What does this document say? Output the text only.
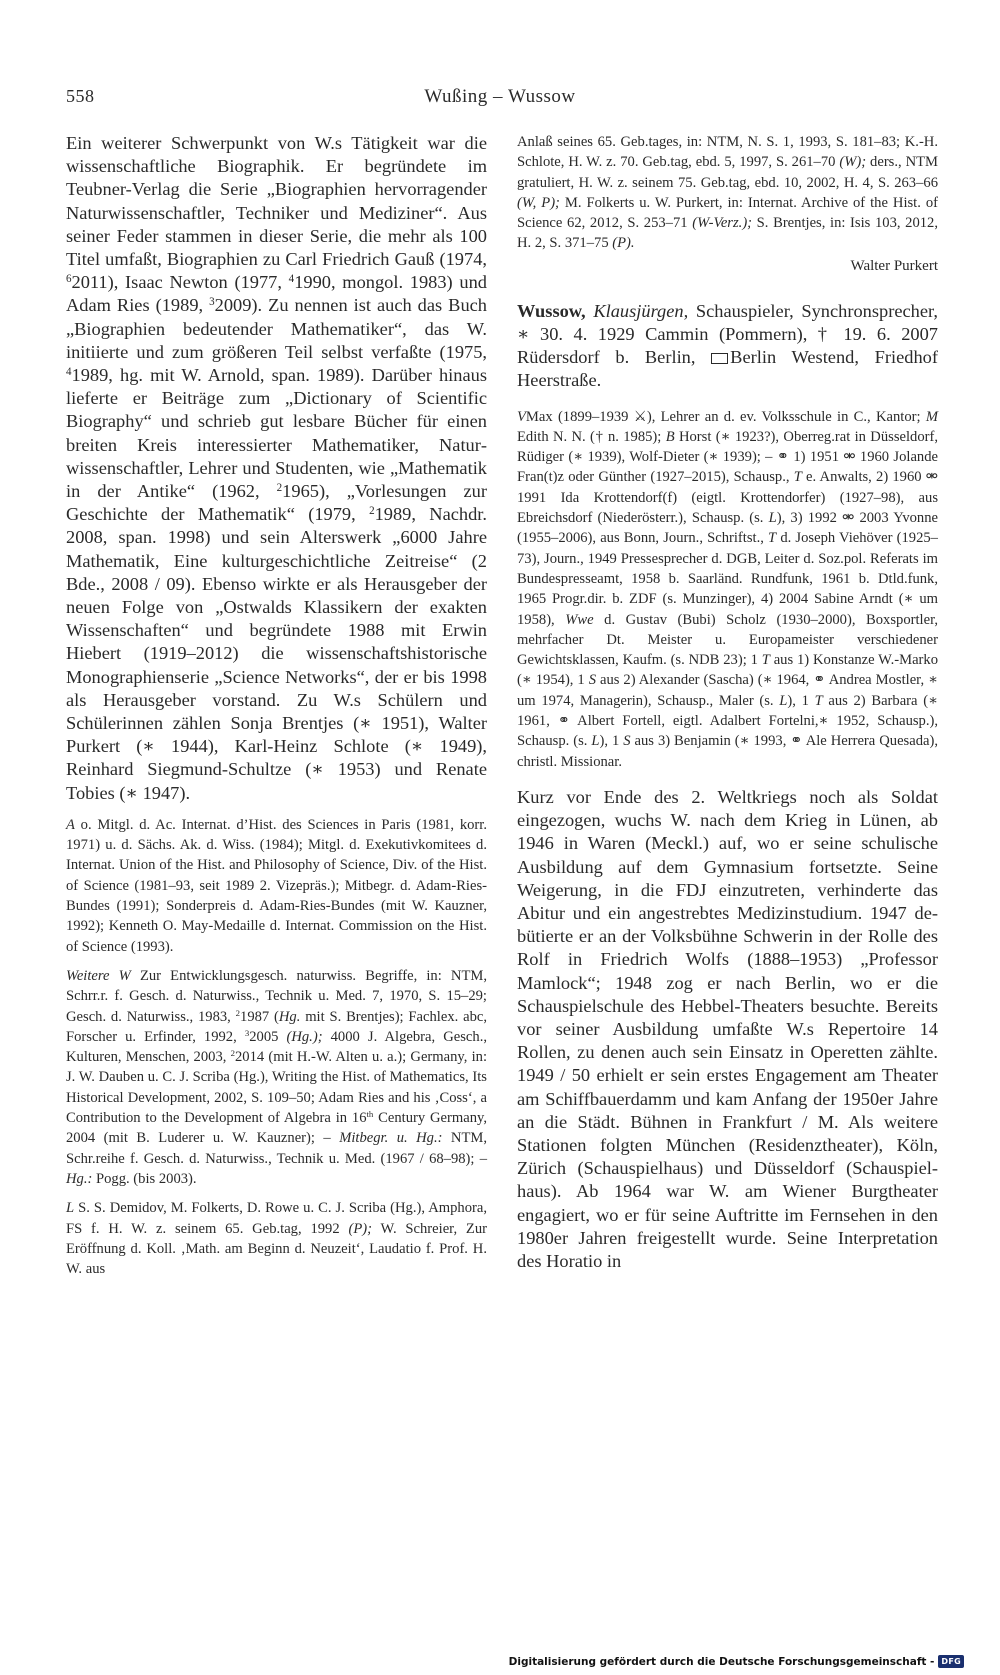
558	Wußing – Wussow

Ein weiterer Schwerpunkt von W.s Tätigkeit war die wissenschaftliche Biographik. Er begründete im Teubner-Verlag die Serie „Biographien hervorragender Naturwissenschaftler, Techniker und Mediziner“. Aus seiner Feder stammen in dieser Serie, die mehr als 100 Titel umfaßt, Biographien zu Carl Friedrich Gauß (1974, $^6$2011), Isaac Newton (1977, $^4$1990, mongol. 1983) und Adam Ries (1989, $^3$2009). Zu nennen ist auch das Buch „Biographien bedeutender Mathematiker“, das W. initiierte und zum größeren Teil selbst verfaßte (1975, $^4$1989, hg. mit W. Arnold, span. 1989). Darüber hinaus lieferte er Beiträge zum „Dictionary of Scientific Biography“ und schrieb gut lesbare Bücher für einen breiten Kreis interessierter Mathematiker, Naturwissenschaftler, Lehrer und Studenten, wie „Mathematik in der Antike“ (1962, $^2$1965), „Vorlesungen zur Geschichte der Mathematik“ (1979, $^2$1989, Nachdr. 2008, span. 1998) und sein Alterswerk „6000 Jahre Mathematik, Eine kulturgeschichtliche Zeitreise“ (2 Bde., 2008 / 09). Ebenso wirkte er als Herausgeber der neuen Folge von „Ostwalds Klassikern der exakten Wissenschaften“ und begründete 1988 mit Erwin Hiebert (1919–2012) die wissenschaftshistorische Monographienserie „Science Networks“, der er bis 1998 als Herausgeber vorstand. Zu W.s Schülern und Schülerinnen zählen Sonja Brentjes (∗ 1951), Walter Purkert (∗ 1944), Karl-Heinz Schlote (∗ 1949), Reinhard Siegmund-Schultze (∗ 1953) und Renate Tobies (∗ 1947).

A o. Mitgl. d. Ac. Internat. d’Hist. des Sciences in Paris (1981, korr. 1971) u. d. Sächs. Ak. d. Wiss. (1984); Mitgl. d. Exekutivkomitees d. Internat. Union of the Hist. and Philosophy of Science, Div. of the Hist. of Science (1981–93, seit 1989 2. Vizepräs.); Mitbegr. d. Adam-Ries-Bundes (1991); Sonderpreis d. Adam-Ries-Bundes (mit W. Kauzner, 1992); Kenneth O. May-Medaille d. Internat. Commission on the Hist. of Science (1993).

Weitere W Zur Entwicklungsgesch. naturwiss. Begriffe, in: NTM, Schrr.r. f. Gesch. d. Naturwiss., Technik u. Med. 7, 1970, S. 15–29; Gesch. d. Naturwiss., 1983, $^2$1987 (Hg. mit S. Brentjes); Fachlex. abc, Forscher u. Erfinder, 1992, $^3$2005 (Hg.); 4000 J. Algebra, Gesch., Kulturen, Menschen, 2003, $^2$2014 (mit H.-W. Alten u. a.); Germany, in: J. W. Dauben u. C. J. Scriba (Hg.), Writing the Hist. of Mathematics, Its Historical Development, 2002, S. 109–50; Adam Ries and his ‚Coss‘, a Contribution to the Development of Algebra in 16th Century Germany, 2004 (mit B. Luderer u. W. Kauzner); – Mitbegr. u. Hg.: NTM, Schr.reihe f. Gesch. d. Naturwiss., Technik u. Med. (1967 / 68–98); – Hg.: Pogg. (bis 2003).

L S. S. Demidov, M. Folkerts, D. Rowe u. C. J. Scriba (Hg.), Amphora, FS f. H. W. z. seinem 65. Geb.tag, 1992 (P); W. Schreier, Zur Eröffnung d. Koll. ‚Math. am Beginn d. Neuzeit‘, Laudatio f. Prof. H. W. aus

Anlaß seines 65. Geb.tages, in: NTM, N. S. 1, 1993, S. 181–83; K.-H. Schlote, H. W. z. 70. Geb.tag, ebd. 5, 1997, S. 261–70 (W); ders., NTM gratuliert, H. W. z. seinem 75. Geb.tag, ebd. 10, 2002, H. 4, S. 263–66 (W, P); M. Folkerts u. W. Purkert, in: Internat. Archive of the Hist. of Science 62, 2012, S. 253–71 (W-Verz.); S. Brentjes, in: Isis 103, 2012, H. 2, S. 371–75 (P).

Walter Purkert

Wussow, Klausjürgen, Schauspieler, Synchronsprecher, ∗ 30. 4. 1929 Cammin (Pommern), † 19. 6. 2007 Rüdersdorf b. Berlin, Berlin Westend, Friedhof Heerstraße.

VMax (1899–1939 ⚔), Lehrer an d. ev. Volksschule in C., Kantor; M Edith N. N. († n. 1985); B Horst (∗ 1923?), Oberreg.rat in Düsseldorf, Rüdiger (∗ 1939), Wolf-Dieter (∗ 1939); – ⚭ 1) 1951 ⚮ 1960 Jolande Fran(t)z oder Günther (1927–2015), Schausp., T e. Anwalts, 2) 1960 ⚮ 1991 Ida Krottendorf(f) (eigtl. Krottendorfer) (1927–98), aus Ebreichsdorf (Niederösterr.), Schausp. (s. L), 3) 1992 ⚮ 2003 Yvonne (1955–2006), aus Bonn, Journ., Schriftst., T d. Joseph Viehöver (1925–73), Journ., 1949 Pressesprecher d. DGB, Leiter d. Soz.pol. Referats im Bundespresseamt, 1958 b. Saarländ. Rundfunk, 1961 b. Dtld.funk, 1965 Progr.dir. b. ZDF (s. Munzinger), 4) 2004 Sabine Arndt (∗ um 1958), Wwe d. Gustav (Bubi) Scholz (1930–2000), Boxsportler, mehrfacher Dt. Meister u. Europameister verschiedener Gewichtsklassen, Kaufm. (s. NDB 23); 1 T aus 1) Konstanze W.-Marko (∗ 1954), 1 S aus 2) Alexander (Sascha) (∗ 1964, ⚭ Andrea Mostler, ∗ um 1974, Managerin), Schausp., Maler (s. L), 1 T aus 2) Barbara (∗ 1961, ⚭ Albert Fortell, eigtl. Adalbert Fortelni,∗ 1952, Schausp.), Schausp. (s. L), 1 S aus 3) Benjamin (∗ 1993, ⚭ Ale Herrera Quesada), christl. Missionar.

Kurz vor Ende des 2. Weltkriegs noch als Soldat eingezogen, wuchs W. nach dem Krieg in Lünen, ab 1946 in Waren (Meckl.) auf, wo er seine schulische Ausbildung auf dem Gymnasium fortsetzte. Seine Weigerung, in die FDJ einzutreten, verhinderte das Abitur und ein angestrebtes Medizinstudium. 1947 debütierte er an der Volksbühne Schwerin in der Rolle des Rolf in Friedrich Wolfs (1888–1953) „Professor Mamlock“; 1948 zog er nach Berlin, wo er die Schauspielschule des Hebbel-Theaters besuchte. Bereits vor seiner Ausbildung umfaßte W.s Repertoire 14 Rollen, zu denen auch sein Einsatz in Operetten zählte. 1949 / 50 erhielt er sein erstes Engagement am Theater am Schiffbauerdamm und kam Anfang der 1950er Jahre an die Städt. Bühnen in Frankfurt / M. Als weitere Stationen folgten München (Residenztheater), Köln, Zürich (Schauspielhaus) und Düsseldorf (Schauspielhaus). Ab 1964 war W. am Wiener Burgtheater engagiert, wo er für seine Auftritte im Fernsehen in den 1980er Jahren freigestellt wurde. Seine Interpretation des Horatio in

Digitalisierung gefördert durch die Deutsche Forschungsgemeinschaft - DFG
